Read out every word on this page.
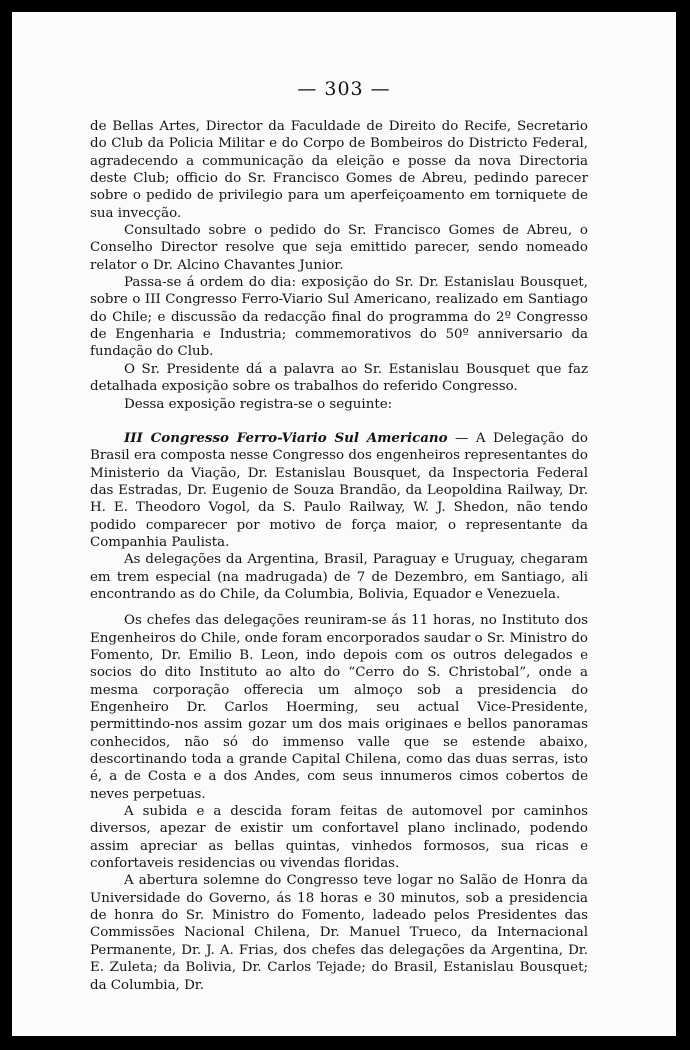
— 303 —

de Bellas Artes, Director da Faculdade de Direito do Recife, Secretario do Club da Policia Militar e do Corpo de Bombeiros do Districto Federal, agradecendo a communicação da eleição e posse da nova Directoria deste Club; officio do Sr. Francisco Gomes de Abreu, pedindo parecer sobre o pedido de privilegio para um aperfeiçoamento em torniquete de sua invecção.

Consultado sobre o pedido do Sr. Francisco Gomes de Abreu, o Conselho Director resolve que seja emittido parecer, sendo nomeado relator o Dr. Alcino Chavantes Junior.

Passa-se á ordem do dia: exposição do Sr. Dr. Estanislau Bousquet, sobre o III Congresso Ferro-Viario Sul Americano, realizado em Santiago do Chile; e discussão da redacção final do programma do 2º Congresso de Engenharia e Industria; commemorativos do 50º anniversario da fundação do Club.

O Sr. Presidente dá a palavra ao Sr. Estanislau Bousquet que faz detalhada exposição sobre os trabalhos do referido Congresso.

Dessa exposição registra-se o seguinte:

III Congresso Ferro-Viario Sul Americano — A Delegação do Brasil era composta nesse Congresso dos engenheiros representantes do Ministerio da Viação, Dr. Estanislau Bousquet, da Inspectoria Federal das Estradas, Dr. Eugenio de Souza Brandão, da Leopoldina Railway, Dr. H. E. Theodoro Vogol, da S. Paulo Railway, W. J. Shedon, não tendo podido comparecer por motivo de força maior, o representante da Companhia Paulista.

As delegações da Argentina, Brasil, Paraguay e Uruguay, chegaram em trem especial (na madrugada) de 7 de Dezembro, em Santiago, ali encontrando as do Chile, da Columbia, Bolivia, Equador e Venezuela.

Os chefes das delegações reuniram-se ás 11 horas, no Instituto dos Engenheiros do Chile, onde foram encorporados saudar o Sr. Ministro do Fomento, Dr. Emilio B. Leon, indo depois com os outros delegados e socios do dito Instituto ao alto do “Cerro do S. Christobal”, onde a mesma corporação offerecia um almoço sob a presidencia do Engenheiro Dr. Carlos Hoerming, seu actual Vice-Presidente, permittindo-nos assim gozar um dos mais originaes e bellos panoramas conhecidos, não só do immenso valle que se estende abaixo, descortinando toda a grande Capital Chilena, como das duas serras, isto é, a de Costa e a dos Andes, com seus innumeros cimos cobertos de neves perpetuas.

A subida e a descida foram feitas de automovel por caminhos diversos, apezar de existir um confortavel plano inclinado, podendo assim apreciar as bellas quintas, vinhedos formosos, sua ricas e confortaveis residencias ou vivendas floridas.

A abertura solemne do Congresso teve logar no Salão de Honra da Universidade do Governo, ás 18 horas e 30 minutos, sob a presidencia de honra do Sr. Ministro do Fomento, ladeado pelos Presidentes das Commissões Nacional Chilena, Dr. Manuel Trueco, da Internacional Permanente, Dr. J. A. Frias, dos chefes das delegações da Argentina, Dr. E. Zuleta; da Bolivia, Dr. Carlos Tejade; do Brasil, Estanislau Bousquet; da Columbia, Dr.
